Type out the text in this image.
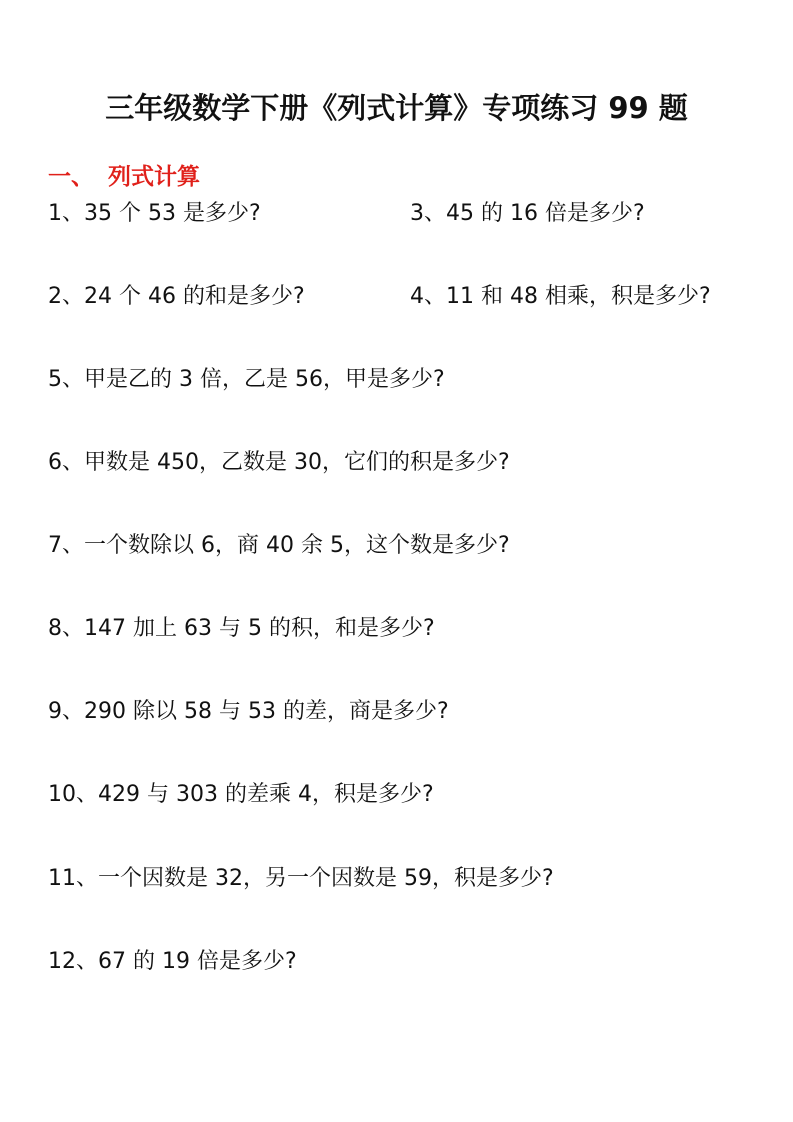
三年级数学下册《列式计算》专项练习 99 题
一、 列式计算

1、35 个 53 是多少?	3、45 的 16 倍是多少?

2、24 个 46 的和是多少?	4、11 和 48 相乘，积是多少?

5、甲是乙的 3 倍，乙是 56，甲是多少?

6、甲数是 450，乙数是 30，它们的积是多少?

7、一个数除以 6，商 40 余 5，这个数是多少?

8、147 加上 63 与 5 的积，和是多少?

9、290 除以 58 与 53 的差，商是多少?

10、429 与 303 的差乘 4，积是多少?

11、一个因数是 32，另一个因数是 59，积是多少?

12、67 的 19 倍是多少?
